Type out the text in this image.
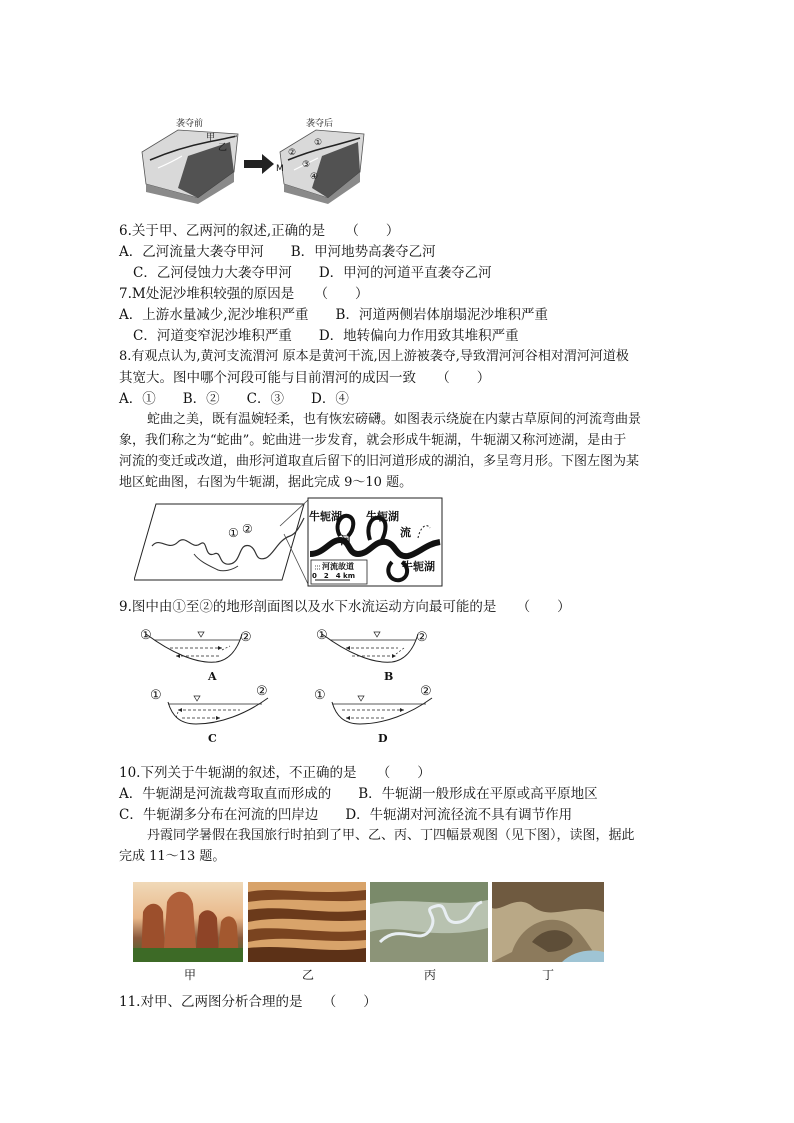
袭夺前	袭夺后
甲
乙
M
①
②
③
④
6.关于甲、乙两河的叙述,正确的是　　（　　）
A．乙河流量大袭夺甲河　　B．甲河地势高袭夺乙河
C．乙河侵蚀力大袭夺甲河　　D．甲河的河道平直袭夺乙河
7.M处泥沙堆积较强的原因是　　（　　）
A．上游水量减少,泥沙堆积严重　　B．河道两侧岩体崩塌泥沙堆积严重
C．河道变窄泥沙堆积严重　　D．地转偏向力作用致其堆积严重
8.有观点认为,黄河支流渭河 原本是黄河干流,因上游被袭夺,导致渭河河谷相对渭河河道极
其宽大。图中哪个河段可能与目前渭河的成因一致　　（　　）
A．①　　B．②　　C．③　　D．④
蛇曲之美，既有温婉轻柔，也有恢宏磅礴。如图表示绕旋在内蒙古草原间的河流弯曲景
象，我们称之为“蛇曲”。蛇曲进一步发育，就会形成牛轭湖，牛轭湖又称河迹湖，是由于
河流的变迁或改道，曲形河道取直后留下的旧河道形成的湖泊，多呈弯月形。下图左图为某
地区蛇曲图，右图为牛轭湖，据此完成 9～10 题。
① ②
牛轭湖 牛轭湖
牛轭湖
河
流
河流故道
0　2　4 km
9.图中由①至②的地形剖面图以及水下水流运动方向最可能的是　　（　　）
①	②
A
①	②
B
①	②
C
①	②
D
10.下列关于牛轭湖的叙述，不正确的是　　（　　）
A．牛轭湖是河流裁弯取直而形成的　　B．牛轭湖一般形成在平原或高平原地区
C．牛轭湖多分布在河流的凹岸边　　D．牛轭湖对河流径流不具有调节作用
丹霞同学暑假在我国旅行时拍到了甲、乙、丙、丁四幅景观图（见下图），读图，据此
完成 11～13 题。
甲	乙	丙	丁
11.对甲、乙两图分析合理的是　　（　　）
